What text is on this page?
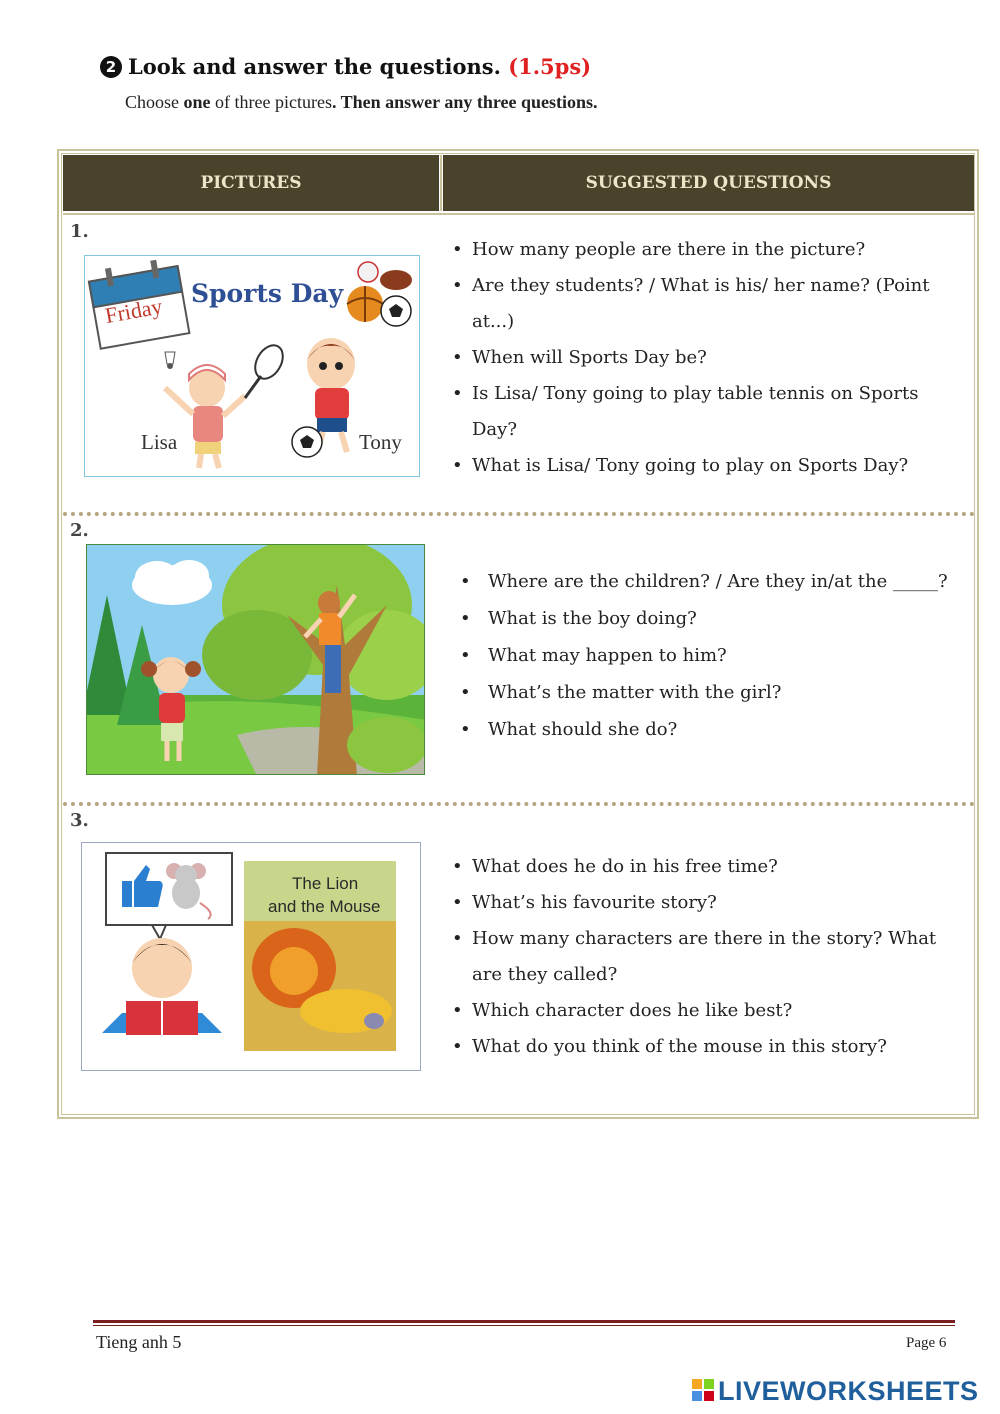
2 Look and answer the questions. (1.5ps)
Choose one of three pictures. Then answer any three questions.
PICTURES	SUGGESTED QUESTIONS
1.
Friday Sports Day
Lisa	Tony
• How many people are there in the picture?
• Are they students? / What is his/ her name? (Point at...)
• When will Sports Day be?
• Is Lisa/ Tony going to play table tennis on Sports Day?
• What is Lisa/ Tony going to play on Sports Day?
2.
• Where are the children? / Are they in/at the _____?
• What is the boy doing?
• What may happen to him?
• What’s the matter with the girl?
• What should she do?
3.
The Lion
and the Mouse
• What does he do in his free time?
• What’s his favourite story?
• How many characters are there in the story? What are they called?
• Which character does he like best?
• What do you think of the mouse in this story?
Tieng anh 5	Page 6
LIVEWORKSHEETS
